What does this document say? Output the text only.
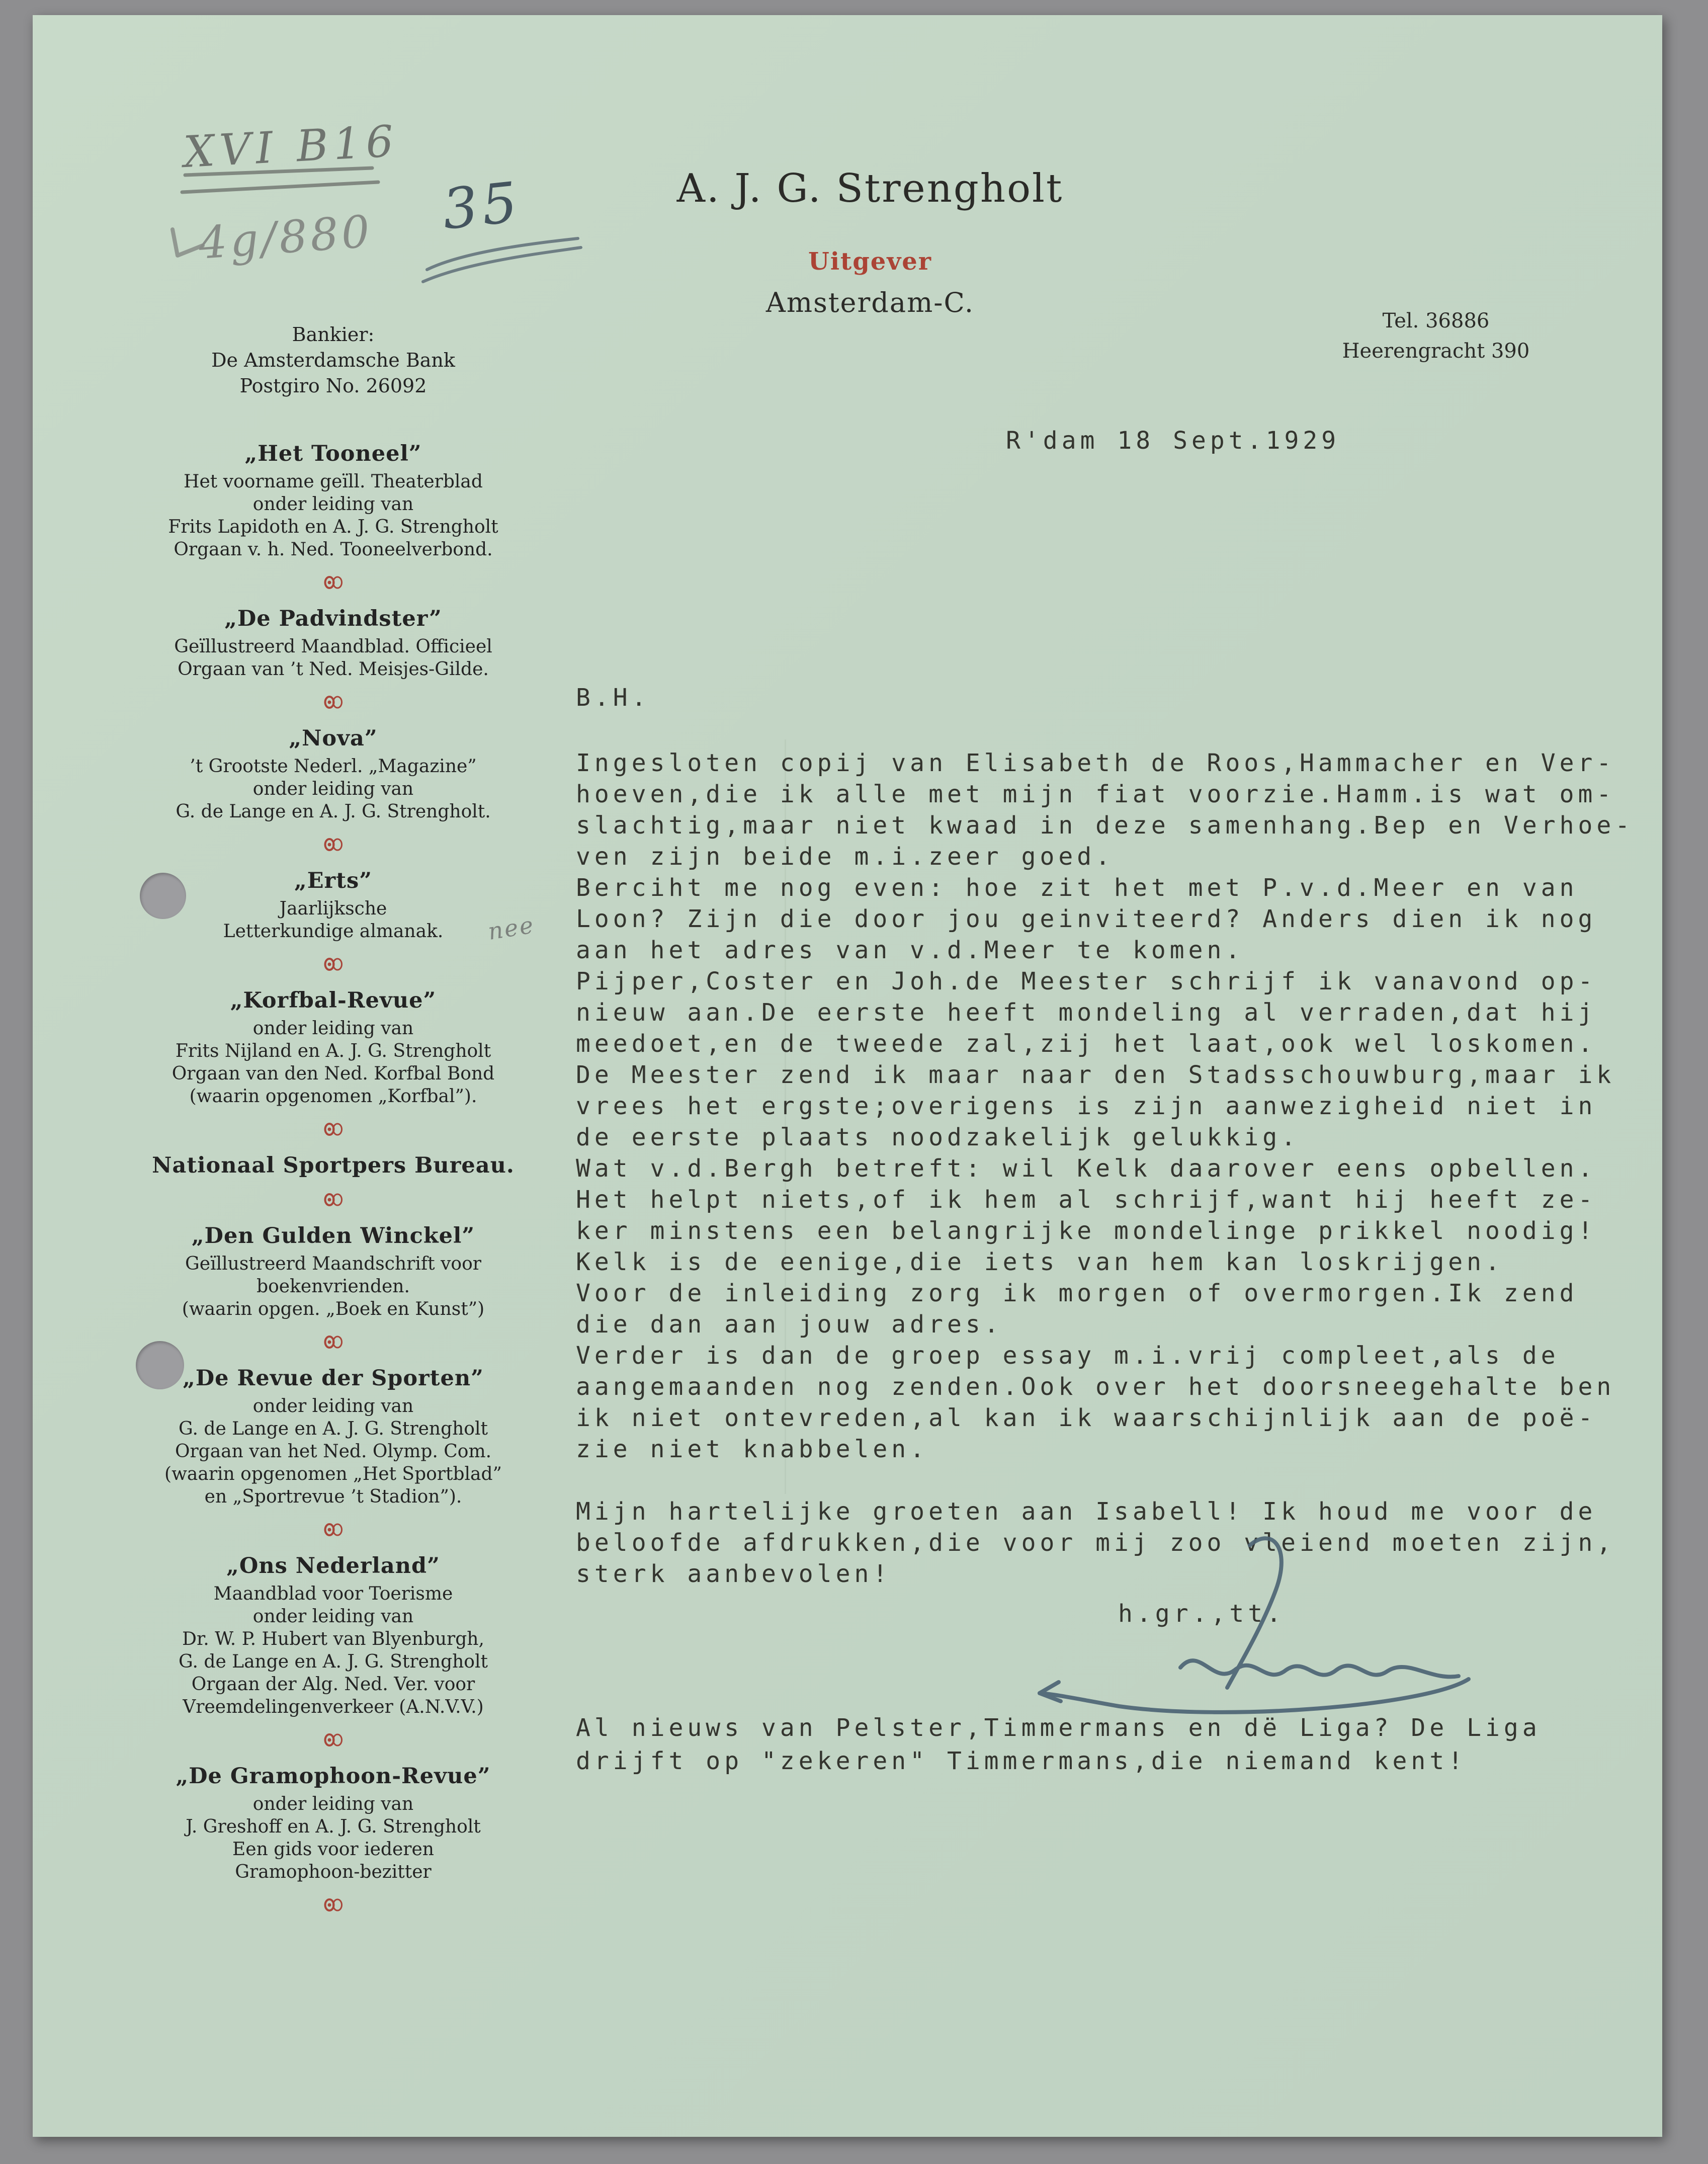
XVI B16
4g/880 35
nee
A. J. G. Strengholt
Uitgever
Amsterdam-C.
Tel. 36886
Heerengracht 390
Bankier:
De Amsterdamsche Bank
Postgiro No. 26092
„Het Tooneel”
Het voorname geïll. Theaterblad
onder leiding van
Frits Lapidoth en A. J. G. Strengholt
Orgaan v. h. Ned. Tooneelverbond.
„De Padvindster”
Geïllustreerd Maandblad. Officieel
Orgaan van ’t Ned. Meisjes-Gilde.
„Nova”
’t Grootste Nederl. „Magazine”
onder leiding van
G. de Lange en A. J. G. Strengholt.
„Erts”
Jaarlijksche
Letterkundige almanak.
„Korfbal-Revue”
onder leiding van
Frits Nijland en A. J. G. Strengholt
Orgaan van den Ned. Korfbal Bond
(waarin opgenomen „Korfbal”).
Nationaal Sportpers Bureau.
„Den Gulden Winckel”
Geïllustreerd Maandschrift voor
boekenvrienden.
(waarin opgen. „Boek en Kunst”)
„De Revue der Sporten”
onder leiding van
G. de Lange en A. J. G. Strengholt
Orgaan van het Ned. Olymp. Com.
(waarin opgenomen „Het Sportblad”
en „Sportrevue ’t Stadion”).
„Ons Nederland”
Maandblad voor Toerisme
onder leiding van
Dr. W. P. Hubert van Blyenburgh,
G. de Lange en A. J. G. Strengholt
Orgaan der Alg. Ned. Ver. voor
Vreemdelingenverkeer (A.N.V.V.)
„De Gramophoon-Revue”
onder leiding van
J. Greshoff en A. J. G. Strengholt
Een gids voor iederen
Gramophoon-bezitter
R'dam 18 Sept.1929
B.H.
Ingesloten copij van Elisabeth de Roos,Hammacher en Ver-
hoeven,die ik alle met mijn fiat voorzie.Hamm.is wat om-
slachtig,maar niet kwaad in deze samenhang.Bep en Verhoe-
ven zijn beide m.i.zeer goed.
Berciht me nog even: hoe zit het met P.v.d.Meer en van
Loon? Zijn die door jou geinviteerd? Anders dien ik nog
aan het adres van v.d.Meer te komen.
Pijper,Coster en Joh.de Meester schrijf ik vanavond op-
nieuw aan.De eerste heeft mondeling al verraden,dat hij
meedoet,en de tweede zal,zij het laat,ook wel loskomen.
De Meester zend ik maar naar den Stadsschouwburg,maar ik
vrees het ergste;overigens is zijn aanwezigheid niet in
de eerste plaats noodzakelijk gelukkig.
Wat v.d.Bergh betreft: wil Kelk daarover eens opbellen.
Het helpt niets,of ik hem al schrijf,want hij heeft ze-
ker minstens een belangrijke mondelinge prikkel noodig!
Kelk is de eenige,die iets van hem kan loskrijgen.
Voor de inleiding zorg ik morgen of overmorgen.Ik zend
die dan aan jouw adres.
Verder is dan de groep essay m.i.vrij compleet,als de
aangemaanden nog zenden.Ook over het doorsneegehalte ben
ik niet ontevreden,al kan ik waarschijnlijk aan de poë-
zie niet knabbelen.
Mijn hartelijke groeten aan Isabell! Ik houd me voor de
beloofde afdrukken,die voor mij zoo vleiend moeten zijn,
sterk aanbevolen!
h.gr.,tt.
Al nieuws van Pelster,Timmermans en dë Liga? De Liga
drijft op "zekeren" Timmermans,die niemand kent!
